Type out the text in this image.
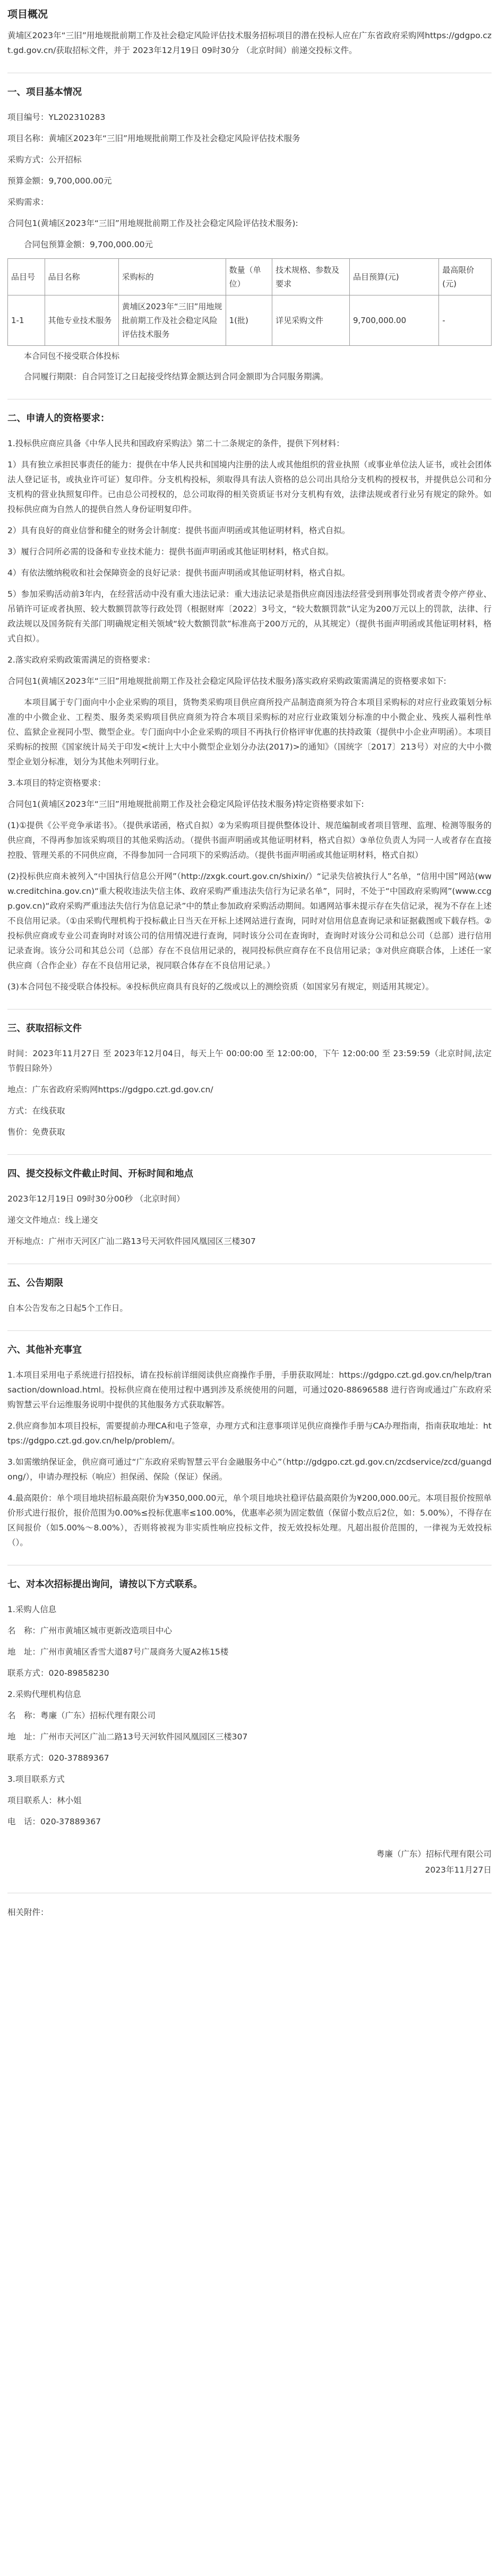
项目概况

黄埔区2023年“三旧”用地规批前期工作及社会稳定风险评估技术服务招标项目的潜在投标人应在广东省政府采购网https://gdgpo.czt.gd.gov.cn/获取招标文件，并于 2023年12月19日 09时30分 （北京时间）前递交投标文件。

一、项目基本情况

项目编号：YL202310283

项目名称：黄埔区2023年“三旧”用地规批前期工作及社会稳定风险评估技术服务

采购方式：公开招标

预算金额：9,700,000.00元

采购需求：

合同包1(黄埔区2023年“三旧”用地规批前期工作及社会稳定风险评估技术服务):

合同包预算金额：9,700,000.00元

品目号	品目名称	采购标的	数量（单位）	技术规格、参数及要求	品目预算(元)	最高限价(元)
1-1	其他专业技术服务	黄埔区2023年“三旧”用地规批前期工作及社会稳定风险评估技术服务	1(批)	详见采购文件	9,700,000.00	-

本合同包不接受联合体投标

合同履行期限：自合同签订之日起接受终结算金额达到合同金额即为合同服务期满。

二、申请人的资格要求：

1.投标供应商应具备《中华人民共和国政府采购法》第二十二条规定的条件，提供下列材料：

1）具有独立承担民事责任的能力：提供在中华人民共和国境内注册的法人或其他组织的营业执照（或事业单位法人证书，或社会团体法人登记证书，或执业许可证）复印件。分支机构投标，须取得具有法人资格的总公司出具给分支机构的授权书，并提供总公司和分支机构的营业执照复印件。已由总公司授权的，总公司取得的相关资质证书对分支机构有效，法律法规或者行业另有规定的除外。如投标供应商为自然人的提供自然人身份证明复印件。

2）具有良好的商业信誉和健全的财务会计制度：提供书面声明函或其他证明材料，格式自拟。

3）履行合同所必需的设备和专业技术能力：提供书面声明函或其他证明材料，格式自拟。

4）有依法缴纳税收和社会保障资金的良好记录：提供书面声明函或其他证明材料，格式自拟。

5）参加采购活动前3年内，在经营活动中没有重大违法记录：重大违法记录是指供应商因违法经营受到刑事处罚或者责令停产停业、吊销许可证或者执照、较大数额罚款等行政处罚（根据财库〔2022〕3号文，“较大数额罚款”认定为200万元以上的罚款，法律、行政法规以及国务院有关部门明确规定相关领域“较大数额罚款”标准高于200万元的，从其规定）（提供书面声明函或其他证明材料，格式自拟）。

2.落实政府采购政策需满足的资格要求：

合同包1(黄埔区2023年“三旧”用地规批前期工作及社会稳定风险评估技术服务)落实政府采购政策需满足的资格要求如下:

本项目属于专门面向中小企业采购的项目，货物类采购项目供应商所投产品制造商须为符合本项目采购标的对应行业政策划分标准的中小微企业、工程类、服务类采购项目供应商须为符合本项目采购标的对应行业政策划分标准的中小微企业、残疾人福利性单位、监狱企业视同小型、微型企业。专门面向中小企业采购的项目不再执行价格评审优惠的扶持政策（提供中小企业声明函）。本项目采购标的按照《国家统计局关于印发<统计上大中小微型企业划分办法(2017)>的通知》（国统字〔2017〕213号）对应的大中小微型企业划分标准，划分为其他未列明行业。

3.本项目的特定资格要求：

合同包1(黄埔区2023年“三旧”用地规批前期工作及社会稳定风险评估技术服务)特定资格要求如下:

(1)①提供《公平竞争承诺书》。（提供承诺函，格式自拟）②为采购项目提供整体设计、规范编制或者项目管理、监理、检测等服务的供应商，不得再参加该采购项目的其他采购活动。（提供书面声明函或其他证明材料，格式自拟）③单位负责人为同一人或者存在直接控股、管理关系的不同供应商，不得参加同一合同项下的采购活动。（提供书面声明函或其他证明材料，格式自拟）

(2)投标供应商未被列入“中国执行信息公开网”（http://zxgk.court.gov.cn/shixin/）“记录失信被执行人”名单，“信用中国”网站(www.creditchina.gov.cn)“重大税收违法失信主体、政府采购严重违法失信行为记录名单”，同时，不处于“中国政府采购网”(www.ccgp.gov.cn)“政府采购严重违法失信行为信息记录”中的禁止参加政府采购活动期间。如遇网站事未提示存在失信记录，视为不存在上述不良信用记录。（①由采购代理机构于投标截止日当天在开标上述网站进行查询，同时对信用信息查询记录和证据截图或下载存档。②投标供应商或专业公司查询时对该公司的信用情况进行查询，同时该分公司在查询时，查询时对该分公司和总公司（总部）进行信用记录查询。该分公司和其总公司（总部）存在不良信用记录的，视同投标供应商存在不良信用记录；③对供应商联合体，上述任一家供应商（合作企业）存在不良信用记录，视同联合体存在不良信用记录。）

(3)本合同包不接受联合体投标。④投标供应商具有良好的乙级或以上的测绘资质（如国家另有规定，则适用其规定）。

三、获取招标文件

时间：2023年11月27日 至 2023年12月04日，每天上午 00:00:00 至 12:00:00，下午 12:00:00 至 23:59:59（北京时间,法定节假日除外）

地点：广东省政府采购网https://gdgpo.czt.gd.gov.cn/

方式：在线获取

售价：免费获取

四、提交投标文件截止时间、开标时间和地点

2023年12月19日 09时30分00秒 （北京时间）

递交文件地点：线上递交

开标地点：广州市天河区广汕二路13号天河软件园风凰园区三楼307

五、公告期限

自本公告发布之日起5个工作日。

六、其他补充事宜

1.本项目采用电子系统进行招投标，请在投标前详细阅读供应商操作手册，手册获取网址：https://gdgpo.czt.gd.gov.cn/help/transaction/download.html。投标供应商在使用过程中遇到涉及系统使用的问题，可通过020-88696588 进行咨询或通过广东政府采购智慧云平台运维服务说明中提供的其他服务方式获取解答。

2.供应商参加本项目投标，需要提前办理CA和电子签章，办理方式和注意事项详见供应商操作手册与CA办理指南，指南获取地址：https://gdgpo.czt.gd.gov.cn/help/problem/。

3.如需缴纳保证金，供应商可通过“广东政府采购智慧云平台金融服务中心”（http://gdgpo.czt.gd.gov.cn/zcdservice/zcd/guangdong/），申请办理投标（响应）担保函、保险（保证）保函。

4.最高限价：单个项目地块招标最高限价为¥350,000.00元，单个项目地块社稳评估最高限价为¥200,000.00元。本项目报价按照单价形式进行报价，报价范围为0.00%≤投标优惠率≤100.00%，优惠率必须为固定数值（保留小数点后2位，如：5.00%），不得存在区间报价（如5.00%～8.00%），否则将被视为非实质性响应投标文件，按无效投标处理。凡超出报价范围的，一律视为无效投标（）。

七、对本次招标提出询问，请按以下方式联系。

1.采购人信息

名　称：广州市黄埔区城市更新改造项目中心

地　址：广州市黄埔区香雪大道87号广晟商务大厦A2栋15楼

联系方式：020-89858230

2.采购代理机构信息

名　称：粤廉（广东）招标代理有限公司

地　址：广州市天河区广汕二路13号天河软件园风凰园区三楼307

联系方式：020-37889367

3.项目联系方式

项目联系人：林小姐

电　话：020-37889367

粤廉（广东）招标代理有限公司

2023年11月27日

相关附件：
